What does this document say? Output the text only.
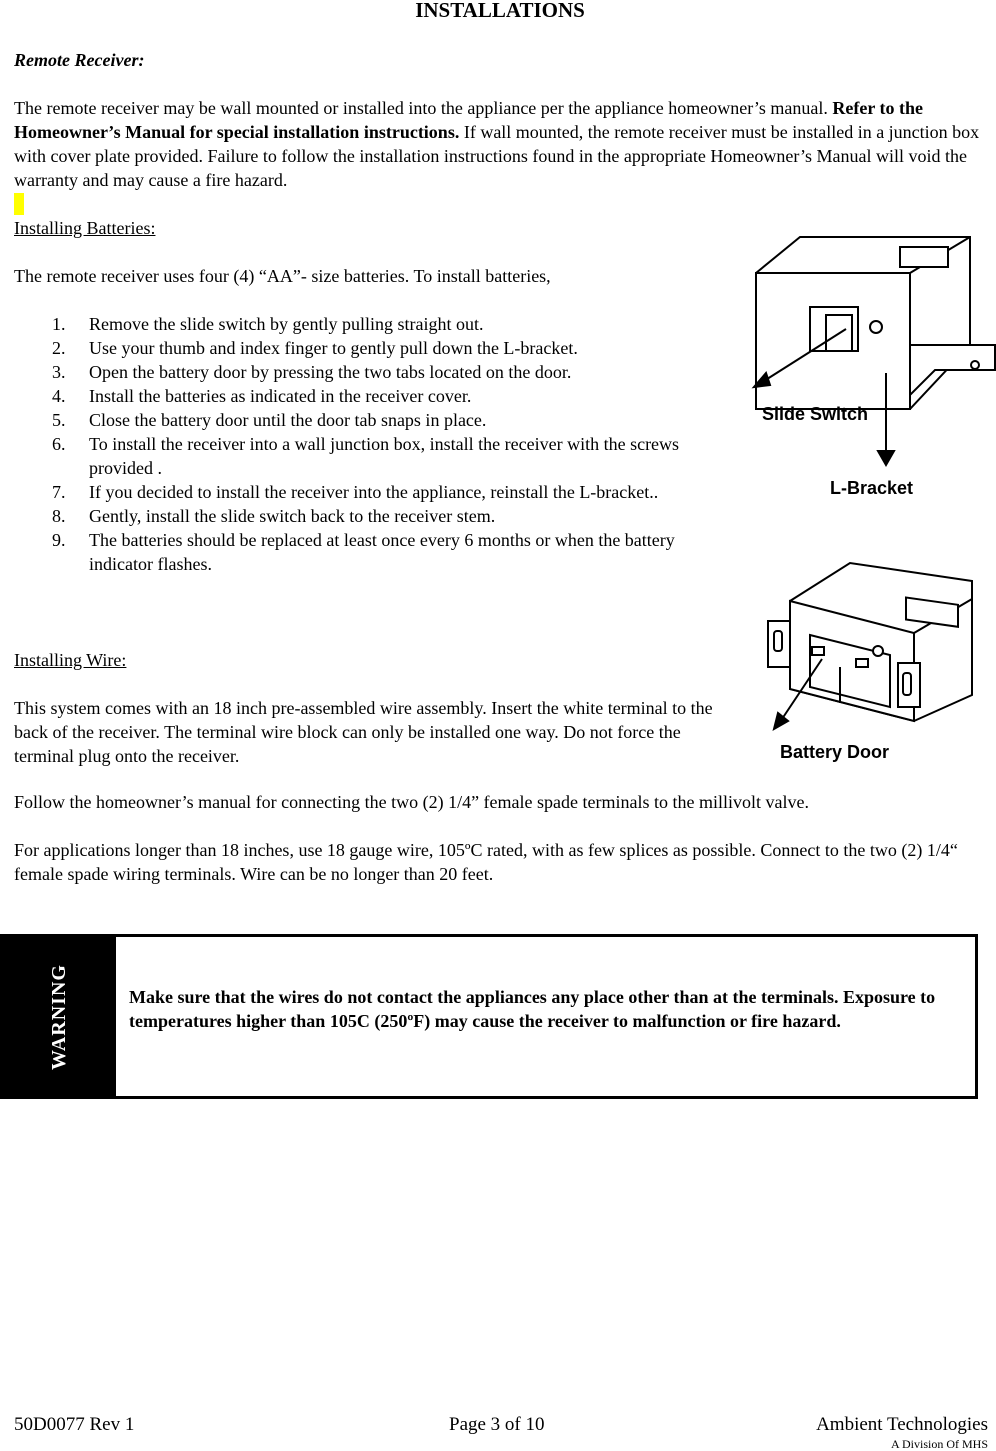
INSTALLATIONS
Remote Receiver:
The remote receiver may be wall mounted or installed into the appliance per the appliance homeowner’s manual. Refer to the Homeowner’s Manual for special installation instructions. If wall mounted, the remote receiver must be installed in a junction box with cover plate provided. Failure to follow the installation instructions found in the appropriate Homeowner’s Manual will void the warranty and may cause a fire hazard.
Installing Batteries:
The remote receiver uses four (4) “AA”- size batteries. To install batteries,
1. Remove the slide switch by gently pulling straight out.
2. Use your thumb and index finger to gently pull down the L-bracket.
3. Open the battery door by pressing the two tabs located on the door.
4. Install the batteries as indicated in the receiver cover.
5. Close the battery door until the door tab snaps in place.
6. To install the receiver into a wall junction box, install the receiver with the screws provided .
7. If you decided to install the receiver into the appliance, reinstall the L-bracket..
8. Gently, install the slide switch back to the receiver stem.
9. The batteries should be replaced at least once every 6 months or when the battery indicator flashes.
Slide Switch
L-Bracket
Battery Door
Installing Wire:
This system comes with an 18 inch pre-assembled wire assembly. Insert the white terminal to the back of the receiver. The terminal wire block can only be installed one way. Do not force the terminal plug onto the receiver.
Follow the homeowner’s manual for connecting the two (2) 1/4” female spade terminals to the millivolt valve.
For applications longer than 18 inches, use 18 gauge wire, 105ºC rated, with as few splices as possible. Connect to the two (2) 1/4“ female spade wiring terminals. Wire can be no longer than 20 feet.
WARNING	Make sure that the wires do not contact the appliances any place other than at the terminals. Exposure to temperatures higher than 105C (250ºF) may cause the receiver to malfunction or fire hazard.
50D0077 Rev 1	Page 3 of 10	Ambient Technologies
A Division Of MHS
